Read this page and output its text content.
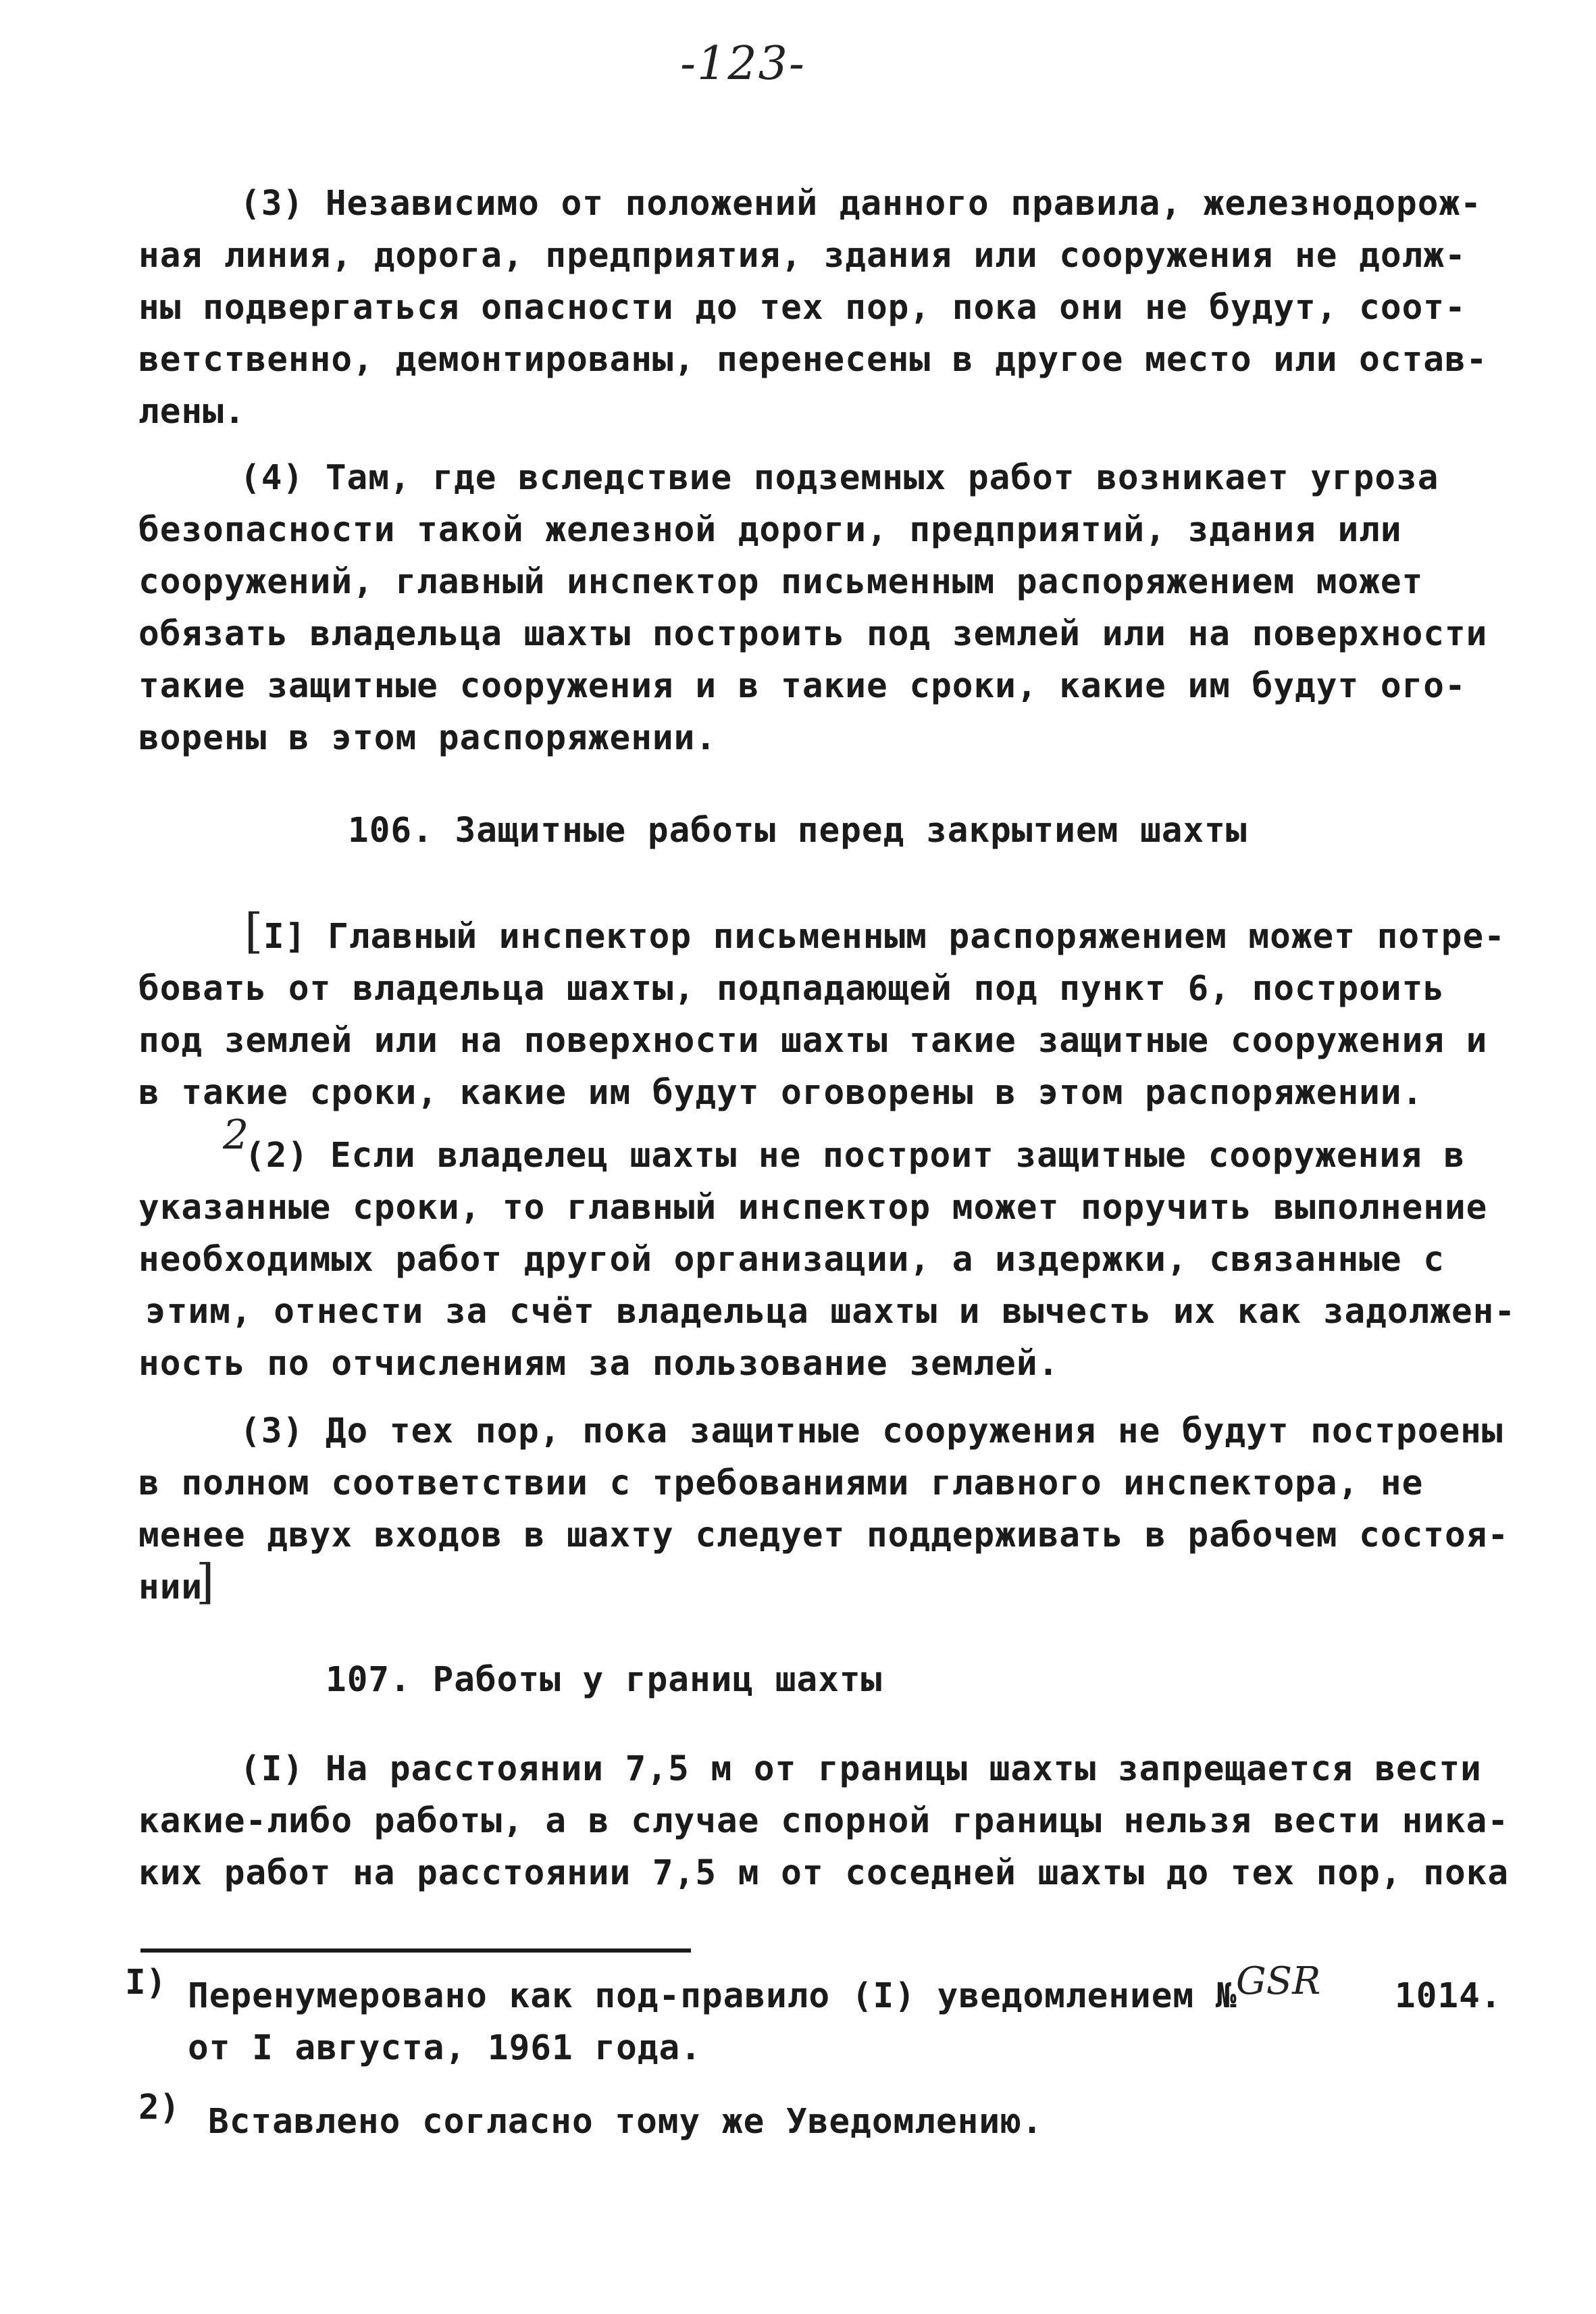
-123-
(3) Независимо от положений данного правила, железнодорож-
ная линия, дорога, предприятия, здания или сооружения не долж-
ны подвергаться опасности до тех пор, пока они не будут, соот-
ветственно, демонтированы, перенесены в другое место или остав-
лены.
(4) Там, где вследствие подземных работ возникает угроза
безопасности такой железной дороги, предприятий, здания или
сооружений, главный инспектор письменным распоряжением может
обязать владельца шахты построить под землей или на поверхности
такие защитные сооружения и в такие сроки, какие им будут ого-
ворены в этом распоряжении.
106. Защитные работы перед закрытием шахты
[ I] Главный инспектор письменным распоряжением может потре-
бовать от владельца шахты, подпадающей под пункт 6, построить
под землей или на поверхности шахты такие защитные сооружения и
в такие сроки, какие им будут оговорены в этом распоряжении.
2
(2) Если владелец шахты не построит защитные сооружения в
указанные сроки, то главный инспектор может поручить выполнение
необходимых работ другой организации, а издержки, связанные с
этим, отнести за счёт владельца шахты и вычесть их как задолжен-
ность по отчислениям за пользование землей.
(3) До тех пор, пока защитные сооружения не будут построены
в полном соответствии с требованиями главного инспектора, не
менее двух входов в шахту следует поддерживать в рабочем состоя-
нии
]
107. Работы у границ шахты
(I) На расстоянии 7,5 м от границы шахты запрещается вести
какие-либо работы, а в случае спорной границы нельзя вести ника-
ких работ на расстоянии 7,5 м от соседней шахты до тех пор, пока
I) Перенумеровано как под-правило (I) уведомлением №
GSR 1014.
от I августа, 1961 года.
2) Вставлено согласно тому же Уведомлению.
